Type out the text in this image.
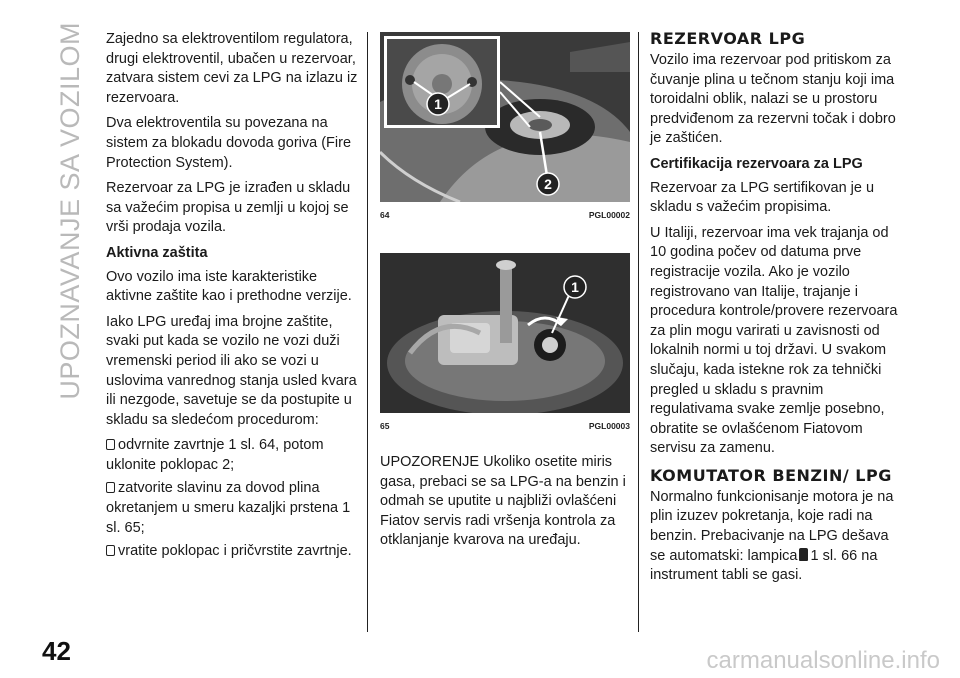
UPOZNAVANJE SA VOZILOM Zajedno sa elektroventilom regulatora, drugi elektroventil, ubačen u rezervoar, zatvara sistem cevi za LPG na izlazu iz rezervoara.

Dva elektroventila su povezana na sistem za blokadu dovoda goriva (Fire Protection System).

Rezervoar za LPG je izrađen u skladu sa važećim propisa u zemlji u kojoj se vrši prodaja vozila.

Aktivna zaštita

Ovo vozilo ima iste karakteristike aktivne zaštite kao i prethodne verzije.

Iako LPG uređaj ima brojne zaštite, svaki put kada se vozilo ne vozi duži vremenski period ili ako se vozi u uslovima vanrednog stanja usled kvara ili nezgode, savetuje se da postupite u skladu sa sledećom procedurom:

odvrnite zavrtnje 1 sl. 64, potom uklonite poklopac 2;
zatvorite slavinu za dovod plina okretanjem u smeru kazaljki prstena 1 sl. 65;
vratite poklopac i pričvrstite zavrtnje.
1
2
64	PGL00002
1
65	PGL00003

UPOZORENJE Ukoliko osetite miris gasa, prebaci se sa LPG-a na benzin i odmah se uputite u najbliži ovlašćeni Fiatov servis radi vršenja kontrola za otklanjanje kvarova na uređaju.

REZERVOAR LPG

Vozilo ima rezervoar pod pritiskom za čuvanje plina u tečnom stanju koji ima toroidalni oblik, nalazi se u prostoru predviđenom za rezervni točak i dobro je zaštićen.

Certifikacija rezervoara za LPG

Rezervoar za LPG sertifikovan je u skladu s važećim propisima.

U Italiji, rezervoar ima vek trajanja od 10 godina počev od datuma prve registracije vozila. Ako je vozilo registrovano van Italije, trajanje i procedura kontrole/provere rezervoara za plin mogu varirati u zavisnosti od lokalnih normi u toj državi. U svakom slučaju, kada istekne rok za tehnički pregled u skladu s pravnim regulativama svake zemlje posebno, obratite se ovlašćenom Fiatovom servisu za zamenu.

KOMUTATOR BENZIN/ LPG

Normalno funkcionisanje motora je na plin izuzev pokretanja, koje radi na benzin. Prebacivanje na LPG dešava se automatski: lampica 1 sl. 66 na instrument tabli se gasi.

42	carmanualsonline.info
